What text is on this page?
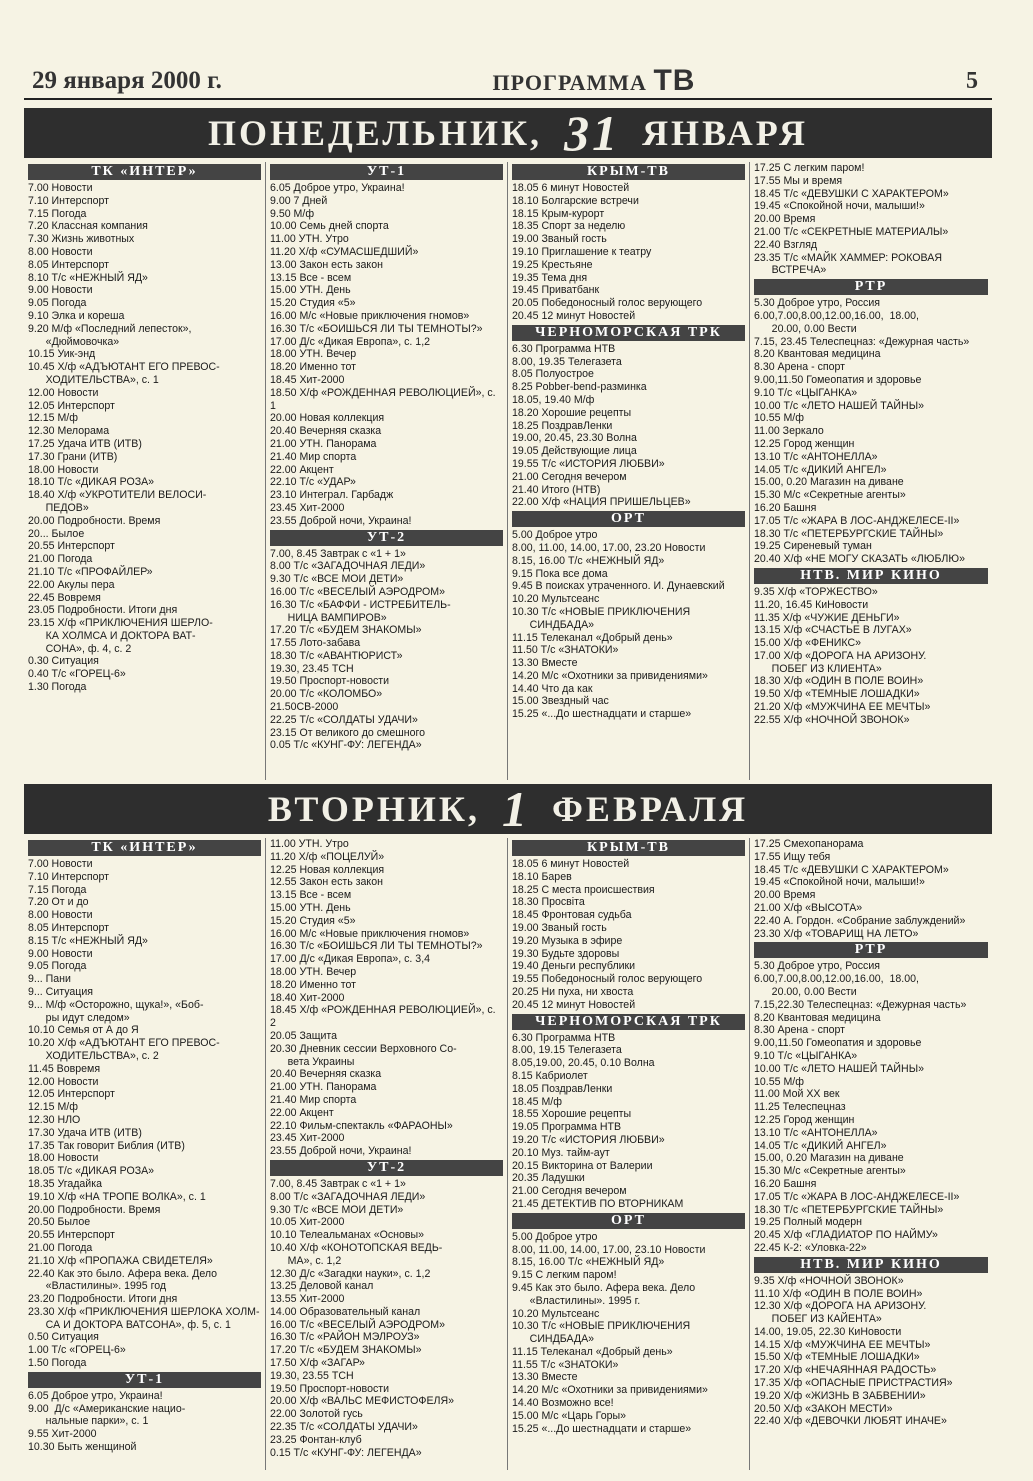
29 января 2000 г.	ПРОГРАММА ТВ	5
ПОНЕДЕЛЬНИК, 31 ЯНВАРЯ
ТК «ИНТЕР»
7.00 Новости
7.10 Интерспорт
7.15 Погода
7.20 Классная компания
7.30 Жизнь животных
8.00 Новости
8.05 Интерспорт
8.10 Т/с «НЕЖНЫЙ ЯД»
9.00 Новости
9.05 Погода
9.10 Элка и кореша
9.20 М/ф «Последний лепесток»,
«Дюймовочка»
10.15 Уик-энд
10.45 Х/ф «АДЪЮТАНТ ЕГО ПРЕВОС-
ХОДИТЕЛЬСТВА», с. 1
12.00 Новости
12.05 Интерспорт
12.15 М/ф
12.30 Мелорама
17.25 Удача ИТВ (ИТВ)
17.30 Грани (ИТВ)
18.00 Новости
18.10 Т/с «ДИКАЯ РОЗА»
18.40 Х/ф «УКРОТИТЕЛИ ВЕЛОСИ-
ПЕДОВ»
20.00 Подробности. Время
20... Былое
20.55 Интерспорт
21.00 Погода
21.10 Т/с «ПРОФАЙЛЕР»
22.00 Акулы пера
22.45 Вовремя
23.05 Подробности. Итоги дня
23.15 Х/ф «ПРИКЛЮЧЕНИЯ ШЕРЛО-
КА ХОЛМСА И ДОКТОРА ВАТ-
СОНА», ф. 4, с. 2
0.30 Ситуация
0.40 Т/с «ГОРЕЦ-6»
1.30 Погода
УТ-1
6.05 Доброе утро, Украина!
9.00 7 Дней
9.50 М/ф
10.00 Семь дней спорта
11.00 УТН. Утро
11.20 Х/ф «СУМАСШЕДШИЙ»
13.00 Закон есть закон
13.15 Все - всем
15.00 УТН. День
15.20 Студия «5»
16.00 М/с «Новые приключения гномов»
16.30 Т/с «БОИШЬСЯ ЛИ ТЫ ТЕМНОТЫ?»
17.00 Д/с «Дикая Европа», с. 1,2
18.00 УТН. Вечер
18.20 Именно тот
18.45 Хит-2000
18.50 Х/ф «РОЖДЕННАЯ РЕВОЛЮЦИЕЙ», с. 1
20.00 Новая коллекция
20.40 Вечерняя сказка
21.00 УТН. Панорама
21.40 Мир спорта
22.00 Акцент
22.10 Т/с «УДАР»
23.10 Интеграл. Гарбадж
23.45 Хит-2000
23.55 Доброй ночи, Украина!
УТ-2
7.00, 8.45 Завтрак с «1 + 1»
8.00 Т/с «ЗАГАДОЧНАЯ ЛЕДИ»
9.30 Т/с «ВСЕ МОИ ДЕТИ»
16.00 Т/с «ВЕСЕЛЫЙ АЭРОДРОМ»
16.30 Т/с «БАФФИ - ИСТРЕБИТЕЛЬ-
НИЦА ВАМПИРОВ»
17.20 Т/с «БУДЕМ ЗНАКОМЫ»
17.55 Лото-забава
18.30 Т/с «АВАНТЮРИСТ»
19.30, 23.45 ТСН
19.50 Проспорт-новости
20.00 Т/с «КОЛОМБО»
21.50СВ-2000
22.25 Т/с «СОЛДАТЫ УДАЧИ»
23.15 От великого до смешного
0.05 Т/с «КУНГ-ФУ: ЛЕГЕНДА»
КРЫМ-ТВ
18.05 6 минут Новостей
18.10 Болгарские встречи
18.15 Крым-курорт
18.35 Спорт за неделю
19.00 Званый гость
19.10 Приглашение к театру
19.25 Крестьяне
19.35 Тема дня
19.45 Приватбанк
20.05 Победоносный голос верующего
20.45 12 минут Новостей
ЧЕРНОМОРСКАЯ ТРК
6.30 Программа НТВ
8.00, 19.35 Телегазета
8.05 Полуострое
8.25 Pobber-bend-разминка
18.05, 19.40 М/ф
18.20 Хорошие рецепты
18.25 ПоздравЛенки
19.00, 20.45, 23.30 Волна
19.05 Действующие лица
19.55 Т/с «ИСТОРИЯ ЛЮБВИ»
21.00 Сегодня вечером
21.40 Итого (НТВ)
22.00 Х/ф «НАЦИЯ ПРИШЕЛЬЦЕВ»
ОРТ
5.00 Доброе утро
8.00, 11.00, 14.00, 17.00, 23.20 Новости
8.15, 16.00 Т/с «НЕЖНЫЙ ЯД»
9.15 Пока все дома
9.45 В поисках утраченного. И. Дунаевский
10.20 Мультсеанс
10.30 Т/с «НОВЫЕ ПРИКЛЮЧЕНИЯ
СИНДБАДА»
11.15 Телеканал «Добрый день»
11.50 Т/с «ЗНАТОКИ»
13.30 Вместе
14.20 М/с «Охотники за привидениями»
14.40 Что да как
15.00 Звездный час
15.25 «...До шестнадцати и старше»
17.25 С легким паром!
17.55 Мы и время
18.45 Т/с «ДЕВУШКИ С ХАРАКТЕРОМ»
19.45 «Спокойной ночи, малыши!»
20.00 Время
21.00 Т/с «СЕКРЕТНЫЕ МАТЕРИАЛЫ»
22.40 Взгляд
23.35 Т/с «МАЙК ХАММЕР: РОКОВАЯ
ВСТРЕЧА»
РТР
5.30 Доброе утро, Россия
6.00,7.00,8.00,12.00,16.00,  18.00,
20.00, 0.00 Вести
7.15, 23.45 Телеспецназ: «Дежурная часть»
8.20 Квантовая медицина
8.30 Арена - спорт
9.00,11.50 Гомеопатия и здоровье
9.10 Т/с «ЦЫГАНКА»
10.00 Т/с «ЛЕТО НАШЕЙ ТАЙНЫ»
10.55 М/ф
11.00 Зеркало
12.25 Город женщин
13.10 Т/с «АНТОНЕЛЛА»
14.05 Т/с «ДИКИЙ АНГЕЛ»
15.00, 0.20 Магазин на диване
15.30 М/с «Секретные агенты»
16.20 Башня
17.05 Т/с «ЖАРА В ЛОС-АНДЖЕЛЕСЕ-II»
18.30 Т/с «ПЕТЕРБУРГСКИЕ ТАЙНЫ»
19.25 Сиреневый туман
20.40 Х/ф «НЕ МОГУ СКАЗАТЬ «ЛЮБЛЮ»
НТВ. МИР КИНО
9.35 Х/ф «ТОРЖЕСТВО»
11.20, 16.45 КиНовости
11.35 Х/ф «ЧУЖИЕ ДЕНЬГИ»
13.15 Х/ф «СЧАСТЬЕ В ЛУГАХ»
15.00 Х/ф «ФЕНИКС»
17.00 Х/ф «ДОРОГА НА АРИЗОНУ.
ПОБЕГ ИЗ КЛИЕНТА»
18.30 Х/ф «ОДИН В ПОЛЕ ВОИН»
19.50 Х/ф «ТЕМНЫЕ ЛОШАДКИ»
21.20 Х/ф «МУЖЧИНА ЕЕ МЕЧТЫ»
22.55 Х/ф «НОЧНОЙ ЗВОНОК»
ВТОРНИК, 1 ФЕВРАЛЯ
ТК «ИНТЕР»
7.00 Новости
7.10 Интерспорт
7.15 Погода
7.20 От и до
8.00 Новости
8.05 Интерспорт
8.15 Т/с «НЕЖНЫЙ ЯД»
9.00 Новости
9.05 Погода
9... Пани
9... Ситуация
9... М/ф «Осторожно, щука!», «Боб-
ры идут следом»
10.10 Семья от А до Я
10.20 Х/ф «АДЪЮТАНТ ЕГО ПРЕВОС-
ХОДИТЕЛЬСТВА», с. 2
11.45 Вовремя
12.00 Новости
12.05 Интерспорт
12.15 М/ф
12.30 НЛО
17.30 Удача ИТВ (ИТВ)
17.35 Так говорит Библия (ИТВ)
18.00 Новости
18.05 Т/с «ДИКАЯ РОЗА»
18.35 Угадайка
19.10 Х/ф «НА ТРОПЕ ВОЛКА», с. 1
20.00 Подробности. Время
20.50 Былое
20.55 Интерспорт
21.00 Погода
21.10 Х/ф «ПРОПАЖА СВИДЕТЕЛЯ»
22.40 Как это было. Афера века. Дело
«Властилины». 1995 год
23.20 Подробности. Итоги дня
23.30 Х/ф «ПРИКЛЮЧЕНИЯ ШЕРЛОКА ХОЛМ-
СА И ДОКТОРА ВАТСОНА», ф. 5, с. 1
0.50 Ситуация
1.00 Т/с «ГОРЕЦ-6»
1.50 Погода
УТ-1
6.05 Доброе утро, Украина!
9.00  Д/с «Американские нацио-
нальные парки», с. 1
9.55 Хит-2000
10.30 Быть женщиной
11.00 УТН. Утро
11.20 Х/ф «ПОЦЕЛУЙ»
12.25 Новая коллекция
12.55 Закон есть закон
13.15 Все - всем
15.00 УТН. День
15.20 Студия «5»
16.00 М/с «Новые приключения гномов»
16.30 Т/с «БОИШЬСЯ ЛИ ТЫ ТЕМНОТЫ?»
17.00 Д/с «Дикая Европа», с. 3,4
18.00 УТН. Вечер
18.20 Именно тот
18.40 Хит-2000
18.45 Х/ф «РОЖДЕННАЯ РЕВОЛЮЦИЕЙ», с. 2
20.05 Защита
20.30 Дневник сессии Верховного Со-
вета Украины
20.40 Вечерняя сказка
21.00 УТН. Панорама
21.40 Мир спорта
22.00 Акцент
22.10 Фильм-спектакль «ФАРАОНЫ»
23.45 Хит-2000
23.55 Доброй ночи, Украина!
УТ-2
7.00, 8.45 Завтрак с «1 + 1»
8.00 Т/с «ЗАГАДОЧНАЯ ЛЕДИ»
9.30 Т/с «ВСЕ МОИ ДЕТИ»
10.05 Хит-2000
10.10 Телеальманах «Основы»
10.40 Х/ф «КОНОТОПСКАЯ ВЕДЬ-
МА», с. 1,2
12.30 Д/с «Загадки науки», с. 1,2
13.25 Деловой канал
13.55 Хит-2000
14.00 Образовательный канал
16.00 Т/с «ВЕСЕЛЫЙ АЭРОДРОМ»
16.30 Т/с «РАЙОН МЭЛРОУЗ»
17.20 Т/с «БУДЕМ ЗНАКОМЫ»
17.50 Х/ф «ЗАГАР»
19.30, 23.55 ТСН
19.50 Проспорт-новости
20.00 Х/ф «ВАЛЬС МЕФИСТОФЕЛЯ»
22.00 Золотой гусь
22.35 Т/с «СОЛДАТЫ УДАЧИ»
23.25 Фонтан-клуб
0.15 Т/с «КУНГ-ФУ: ЛЕГЕНДА»
КРЫМ-ТВ
18.05 6 минут Новостей
18.10 Барев
18.25 С места происшествия
18.30 Просвіта
18.45 Фронтовая судьба
19.00 Званый гость
19.20 Музыка в эфире
19.30 Будьте здоровы
19.40 Деньги республики
19.55 Победоносный голос верующего
20.25 Ни пуха, ни хвоста
20.45 12 минут Новостей
ЧЕРНОМОРСКАЯ ТРК
6.30 Программа НТВ
8.00, 19.15 Телегазета
8.05,19.00, 20.45, 0.10 Волна
8.15 Кабриолет
18.05 ПоздравЛенки
18.45 М/ф
18.55 Хорошие рецепты
19.05 Программа НТВ
19.20 Т/с «ИСТОРИЯ ЛЮБВИ»
20.10 Муз. тайм-аут
20.15 Викторина от Валерии
20.35 Ладушки
21.00 Сегодня вечером
21.45 ДЕТЕКТИВ ПО ВТОРНИКАМ
ОРТ
5.00 Доброе утро
8.00, 11.00, 14.00, 17.00, 23.10 Новости
8.15, 16.00 Т/с «НЕЖНЫЙ ЯД»
9.15 С легким паром!
9.45 Как это было. Афера века. Дело
«Властилины». 1995 г.
10.20 Мультсеанс
10.30 Т/с «НОВЫЕ ПРИКЛЮЧЕНИЯ
СИНДБАДА»
11.15 Телеканал «Добрый день»
11.55 Т/с «ЗНАТОКИ»
13.30 Вместе
14.20 М/с «Охотники за привидениями»
14.40 Возможно все!
15.00 М/с «Царь Горы»
15.25 «...До шестнадцати и старше»
17.25 Смехопанорама
17.55 Ищу тебя
18.45 Т/с «ДЕВУШКИ С ХАРАКТЕРОМ»
19.45 «Спокойной ночи, малыши!»
20.00 Время
21.00 Х/ф «ВЫСОТА»
22.40 А. Гордон. «Собрание заблуждений»
23.30 Х/ф «ТОВАРИЩ НА ЛЕТО»
РТР
5.30 Доброе утро, Россия
6.00,7.00,8.00,12.00,16.00,  18.00,
20.00, 0.00 Вести
7.15,22.30 Телеспецназ: «Дежурная часть»
8.20 Квантовая медицина
8.30 Арена - спорт
9.00,11.50 Гомеопатия и здоровье
9.10 Т/с «ЦЫГАНКА»
10.00 Т/с «ЛЕТО НАШЕЙ ТАЙНЫ»
10.55 М/ф
11.00 Мой XX век
11.25 Телеспецназ
12.25 Город женщин
13.10 Т/с «АНТОНЕЛЛА»
14.05 Т/с «ДИКИЙ АНГЕЛ»
15.00, 0.20 Магазин на диване
15.30 М/с «Секретные агенты»
16.20 Башня
17.05 Т/с «ЖАРА В ЛОС-АНДЖЕЛЕСЕ-II»
18.30 Т/с «ПЕТЕРБУРГСКИЕ ТАЙНЫ»
19.25 Полный модерн
20.45 Х/ф «ГЛАДИАТОР ПО НАЙМУ»
22.45 К-2: «Уловка-22»
НТВ. МИР КИНО
9.35 Х/ф «НОЧНОЙ ЗВОНОК»
11.10 Х/ф «ОДИН В ПОЛЕ ВОИН»
12.30 Х/ф «ДОРОГА НА АРИЗОНУ.
ПОБЕГ ИЗ КАЙЕНТА»
14.00, 19.05, 22.30 КиНовости
14.15 Х/ф «МУЖЧИНА ЕЕ МЕЧТЫ»
15.50 Х/ф «ТЕМНЫЕ ЛОШАДКИ»
17.20 Х/ф «НЕЧАЯННАЯ РАДОСТЬ»
17.35 Х/ф «ОПАСНЫЕ ПРИСТРАСТИЯ»
19.20 Х/ф «ЖИЗНЬ В ЗАБВЕНИИ»
20.50 Х/ф «ЗАКОН МЕСТИ»
22.40 Х/ф «ДЕВОЧКИ ЛЮБЯТ ИНАЧЕ»
